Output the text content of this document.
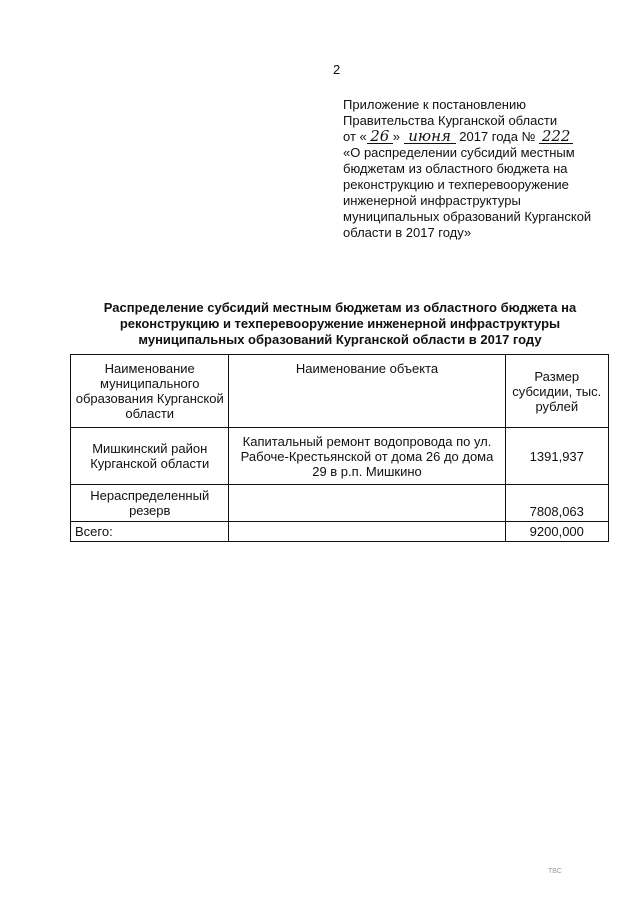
2
Приложение к постановлению
Правительства Курганской области
от « 26 » июня 2017 года № 222
«О распределении субсидий местным
бюджетам из областного бюджета на
реконструкцию и техперевооружение
инженерной инфраструктуры
муниципальных образований Курганской
области в 2017 году»
Распределение субсидий местным бюджетам из областного бюджета на
реконструкцию и техперевооружение инженерной инфраструктуры
муниципальных образований Курганской области в 2017 году
Наименование муниципального образования Курганской области	Наименование объекта	Размер субсидии, тыс. рублей
Мишкинский район Курганской области	Капитальный ремонт водопровода по ул. Рабоче-Крестьянской от дома 26 до дома 29 в р.п. Мишкино	1391,937
Нераспределенный резерв		7808,063
Всего:		9200,000
ТВС
